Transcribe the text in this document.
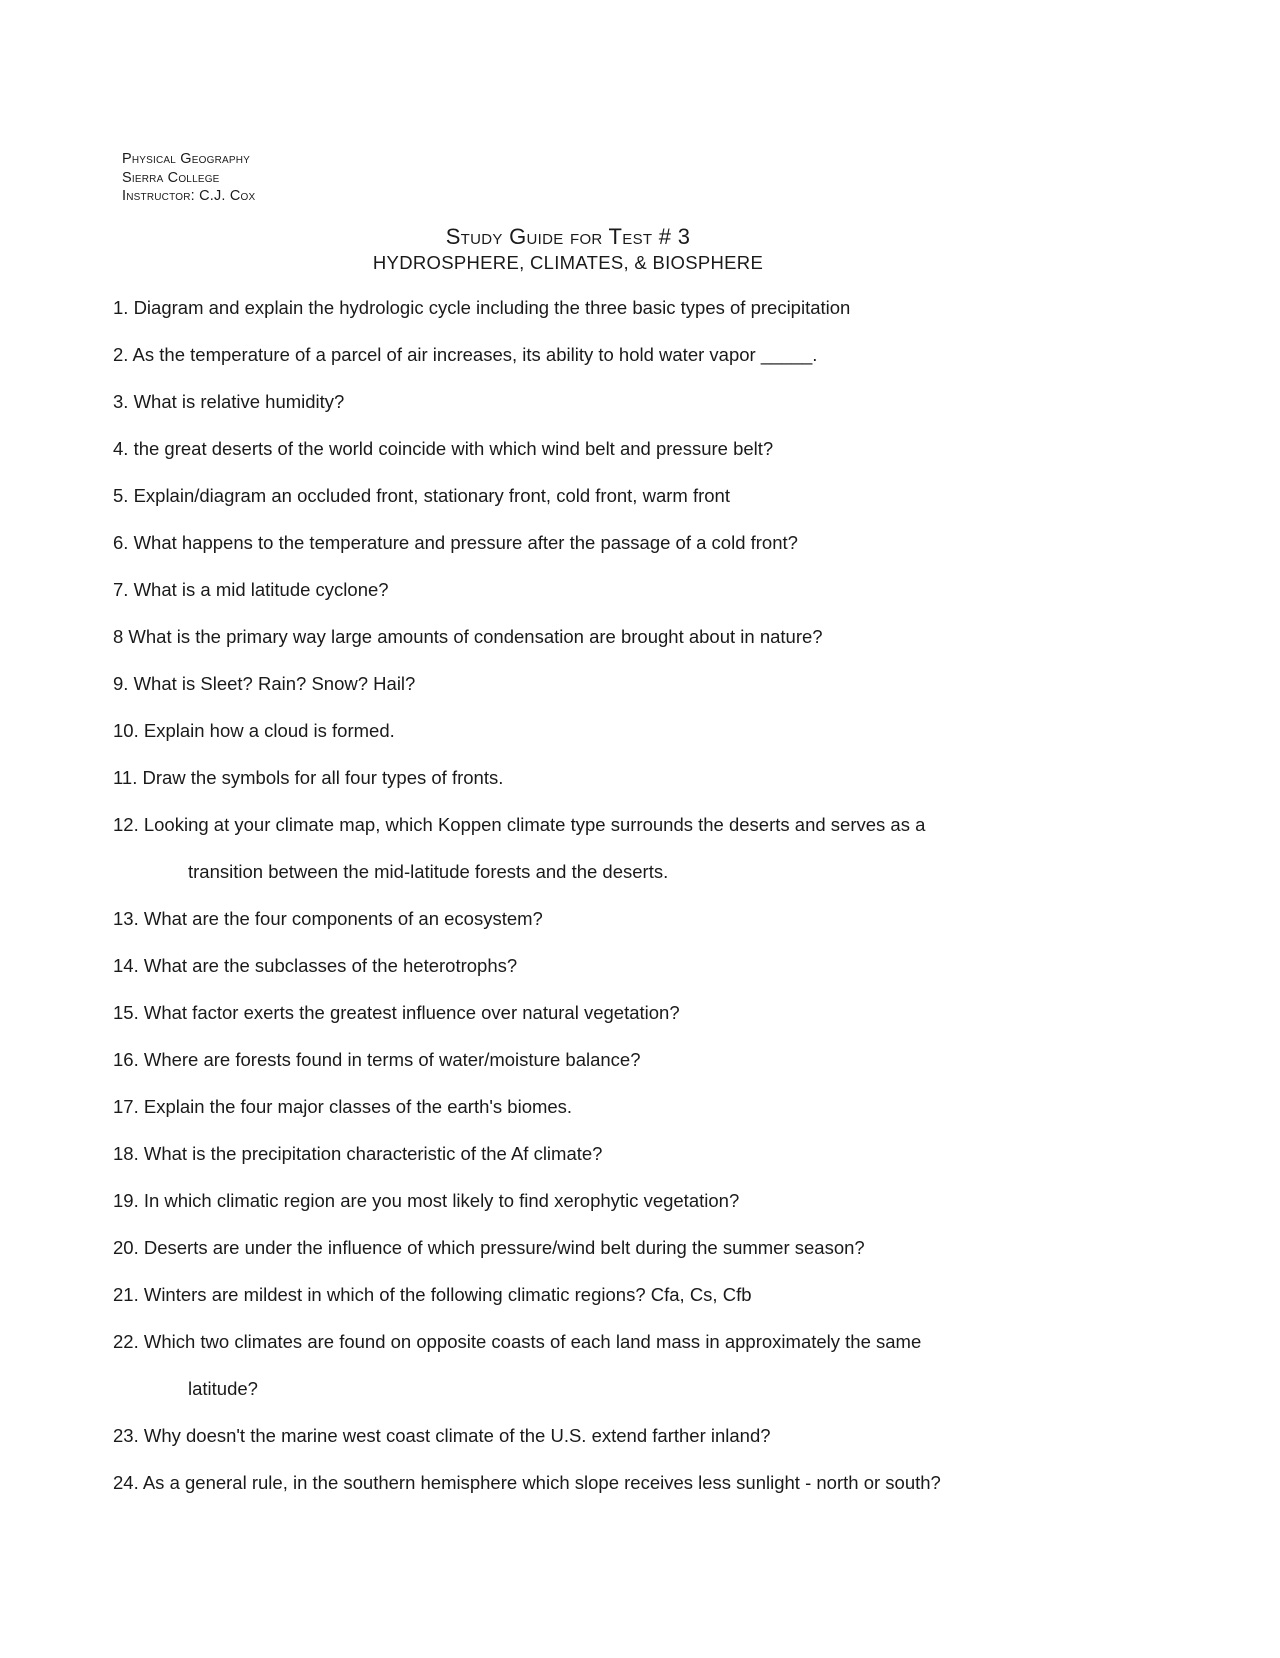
Physical Geography
Sierra College
Instructor: C.J. Cox
Study Guide for Test # 3
HYDROSPHERE, CLIMATES, & BIOSPHERE
1. Diagram and explain the hydrologic cycle including the three basic types of precipitation
2. As the temperature of a parcel of air increases, its ability to hold water vapor _____.
3. What is relative humidity?
4. the great deserts of the world coincide with which wind belt and pressure belt?
5. Explain/diagram an occluded front, stationary front, cold front, warm front
6. What happens to the temperature and pressure after the passage of a cold front?
7. What is a mid latitude cyclone?
8 What is the primary way large amounts of condensation are brought about in nature?
9. What is Sleet? Rain? Snow? Hail?
10. Explain how a cloud is formed.
11. Draw the symbols for all four types of fronts.
12. Looking at your climate map, which Koppen climate type surrounds the deserts and serves as a
transition between the mid-latitude forests and the deserts.
13. What are the four components of an ecosystem?
14. What are the subclasses of the heterotrophs?
15. What factor exerts the greatest influence over natural vegetation?
16. Where are forests found in terms of water/moisture balance?
17. Explain the four major classes of the earth's biomes.
18. What is the precipitation characteristic of the Af climate?
19. In which climatic region are you most likely to find xerophytic vegetation?
20. Deserts are under the influence of which pressure/wind belt during the summer season?
21. Winters are mildest in which of the following climatic regions? Cfa, Cs, Cfb
22. Which two climates are found on opposite coasts of each land mass in approximately the same
latitude?
23. Why doesn't the marine west coast climate of the U.S. extend farther inland?
24. As a general rule, in the southern hemisphere which slope receives less sunlight - north or south?
